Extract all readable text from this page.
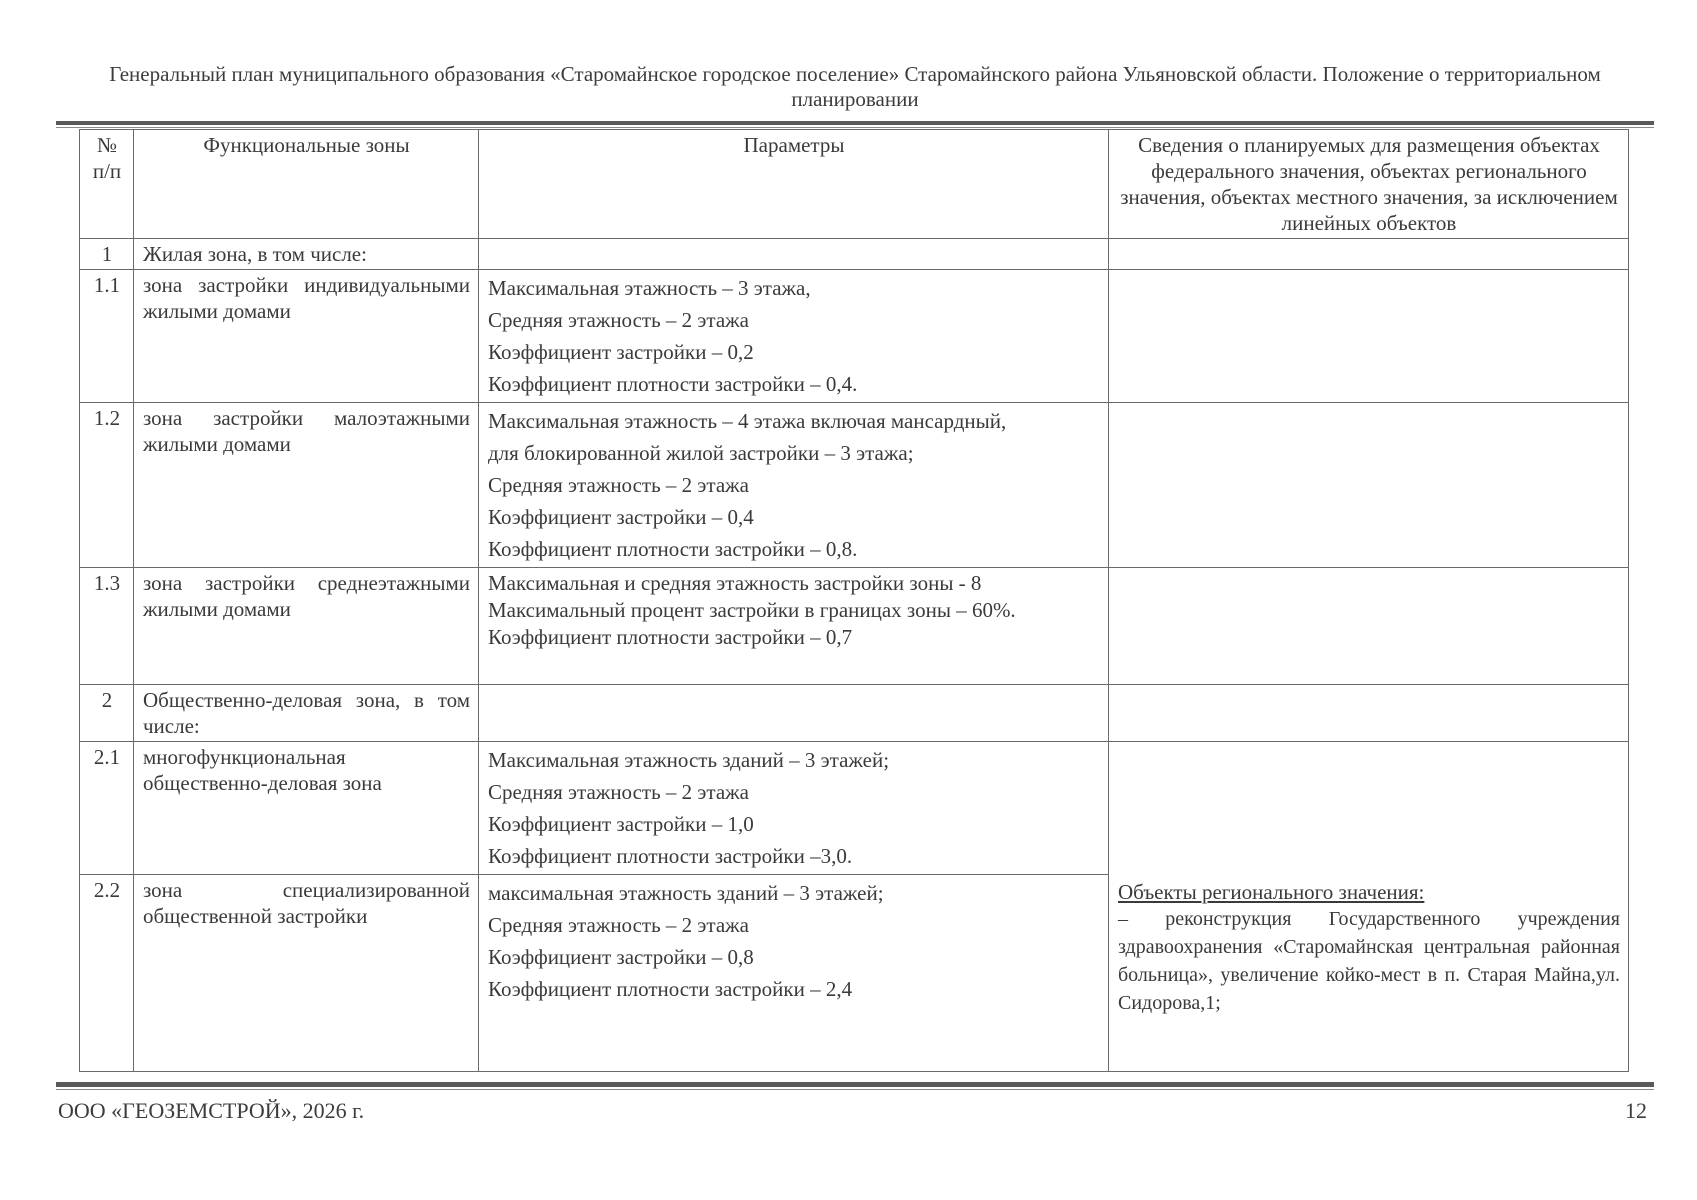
Генеральный план муниципального образования «Старомайнское городское поселение» Старомайнского района Ульяновской области. Положение о территориальном планировании
№ п/п	Функциональные зоны	Параметры	Сведения о планируемых для размещения объектах федерального значения, объектах регионального значения, объектах местного значения, за исключением линейных объектов
1	Жилая зона, в том числе:		
1.1	зона застройки индивидуальными жилыми домами	Максимальная этажность – 3 этажа,
Средняя этажность – 2 этажа
Коэффициент застройки – 0,2
Коэффициент плотности застройки – 0,4.	

1.2	зона застройки малоэтажными жилыми домами	Максимальная этажность – 4 этажа включая мансардный,
для блокированной жилой застройки – 3 этажа;
Средняя этажность – 2 этажа
Коэффициент застройки – 0,4
Коэффициент плотности застройки – 0,8.	

1.3	зона застройки среднеэтажными жилыми домами	Максимальная и средняя этажность застройки зоны - 8
Максимальный процент застройки в границах зоны – 60%.
Коэффициент плотности застройки – 0,7	

2	Общественно-деловая зона, в том числе:		
2.1	многофункциональная общественно-деловая зона	Максимальная этажность зданий – 3 этажей;
Средняя этажность – 2 этажа
Коэффициент застройки – 1,0
Коэффициент плотности застройки –3,0.	

2.2	зона специализированной общественной застройки	максимальная этажность зданий – 3 этажей;
Средняя этажность – 2 этажа
Коэффициент застройки – 0,8
Коэффициент плотности застройки – 2,4	Объекты регионального значения:
– реконструкция Государственного учреждения здравоохранения «Старомайнская центральная районная больница», увеличение койко-мест в п. Старая Майна,ул. Сидорова,1;
ООО «ГЕОЗЕМСТРОЙ», 2026 г.	12
